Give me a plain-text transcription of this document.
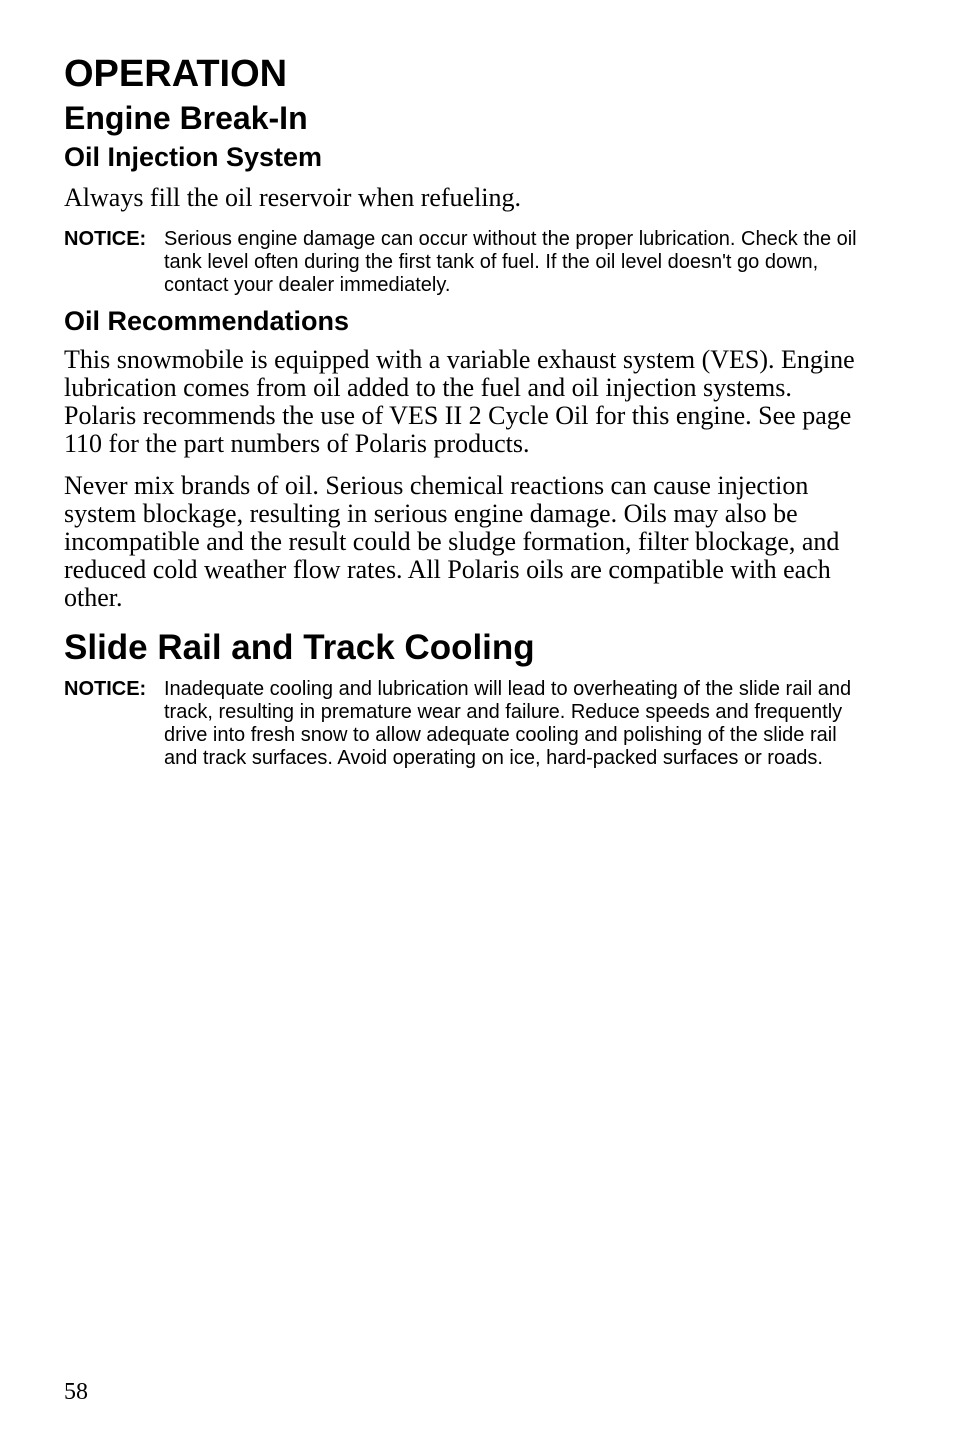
OPERATION
Engine Break-In
Oil Injection System

Always fill the oil reservoir when refueling.

NOTICE: Serious engine damage can occur without the proper lubrication. Check the oil tank level often during the first tank of fuel. If the oil level doesn't go down, contact your dealer immediately.
Oil Recommendations

This snowmobile is equipped with a variable exhaust system (VES). Engine lubrication comes from oil added to the fuel and oil injection systems. Polaris recommends the use of VES II 2 Cycle Oil for this engine. See page 110 for the part numbers of Polaris products.

Never mix brands of oil. Serious chemical reactions can cause injection system blockage, resulting in serious engine damage. Oils may also be incompatible and the result could be sludge formation, filter blockage, and reduced cold weather flow rates. All Polaris oils are compatible with each other.

Slide Rail and Track Cooling
NOTICE: Inadequate cooling and lubrication will lead to overheating of the slide rail and track, resulting in premature wear and failure. Reduce speeds and frequently drive into fresh snow to allow adequate cooling and polishing of the slide rail and track surfaces. Avoid operating on ice, hard-packed surfaces or roads.
58
